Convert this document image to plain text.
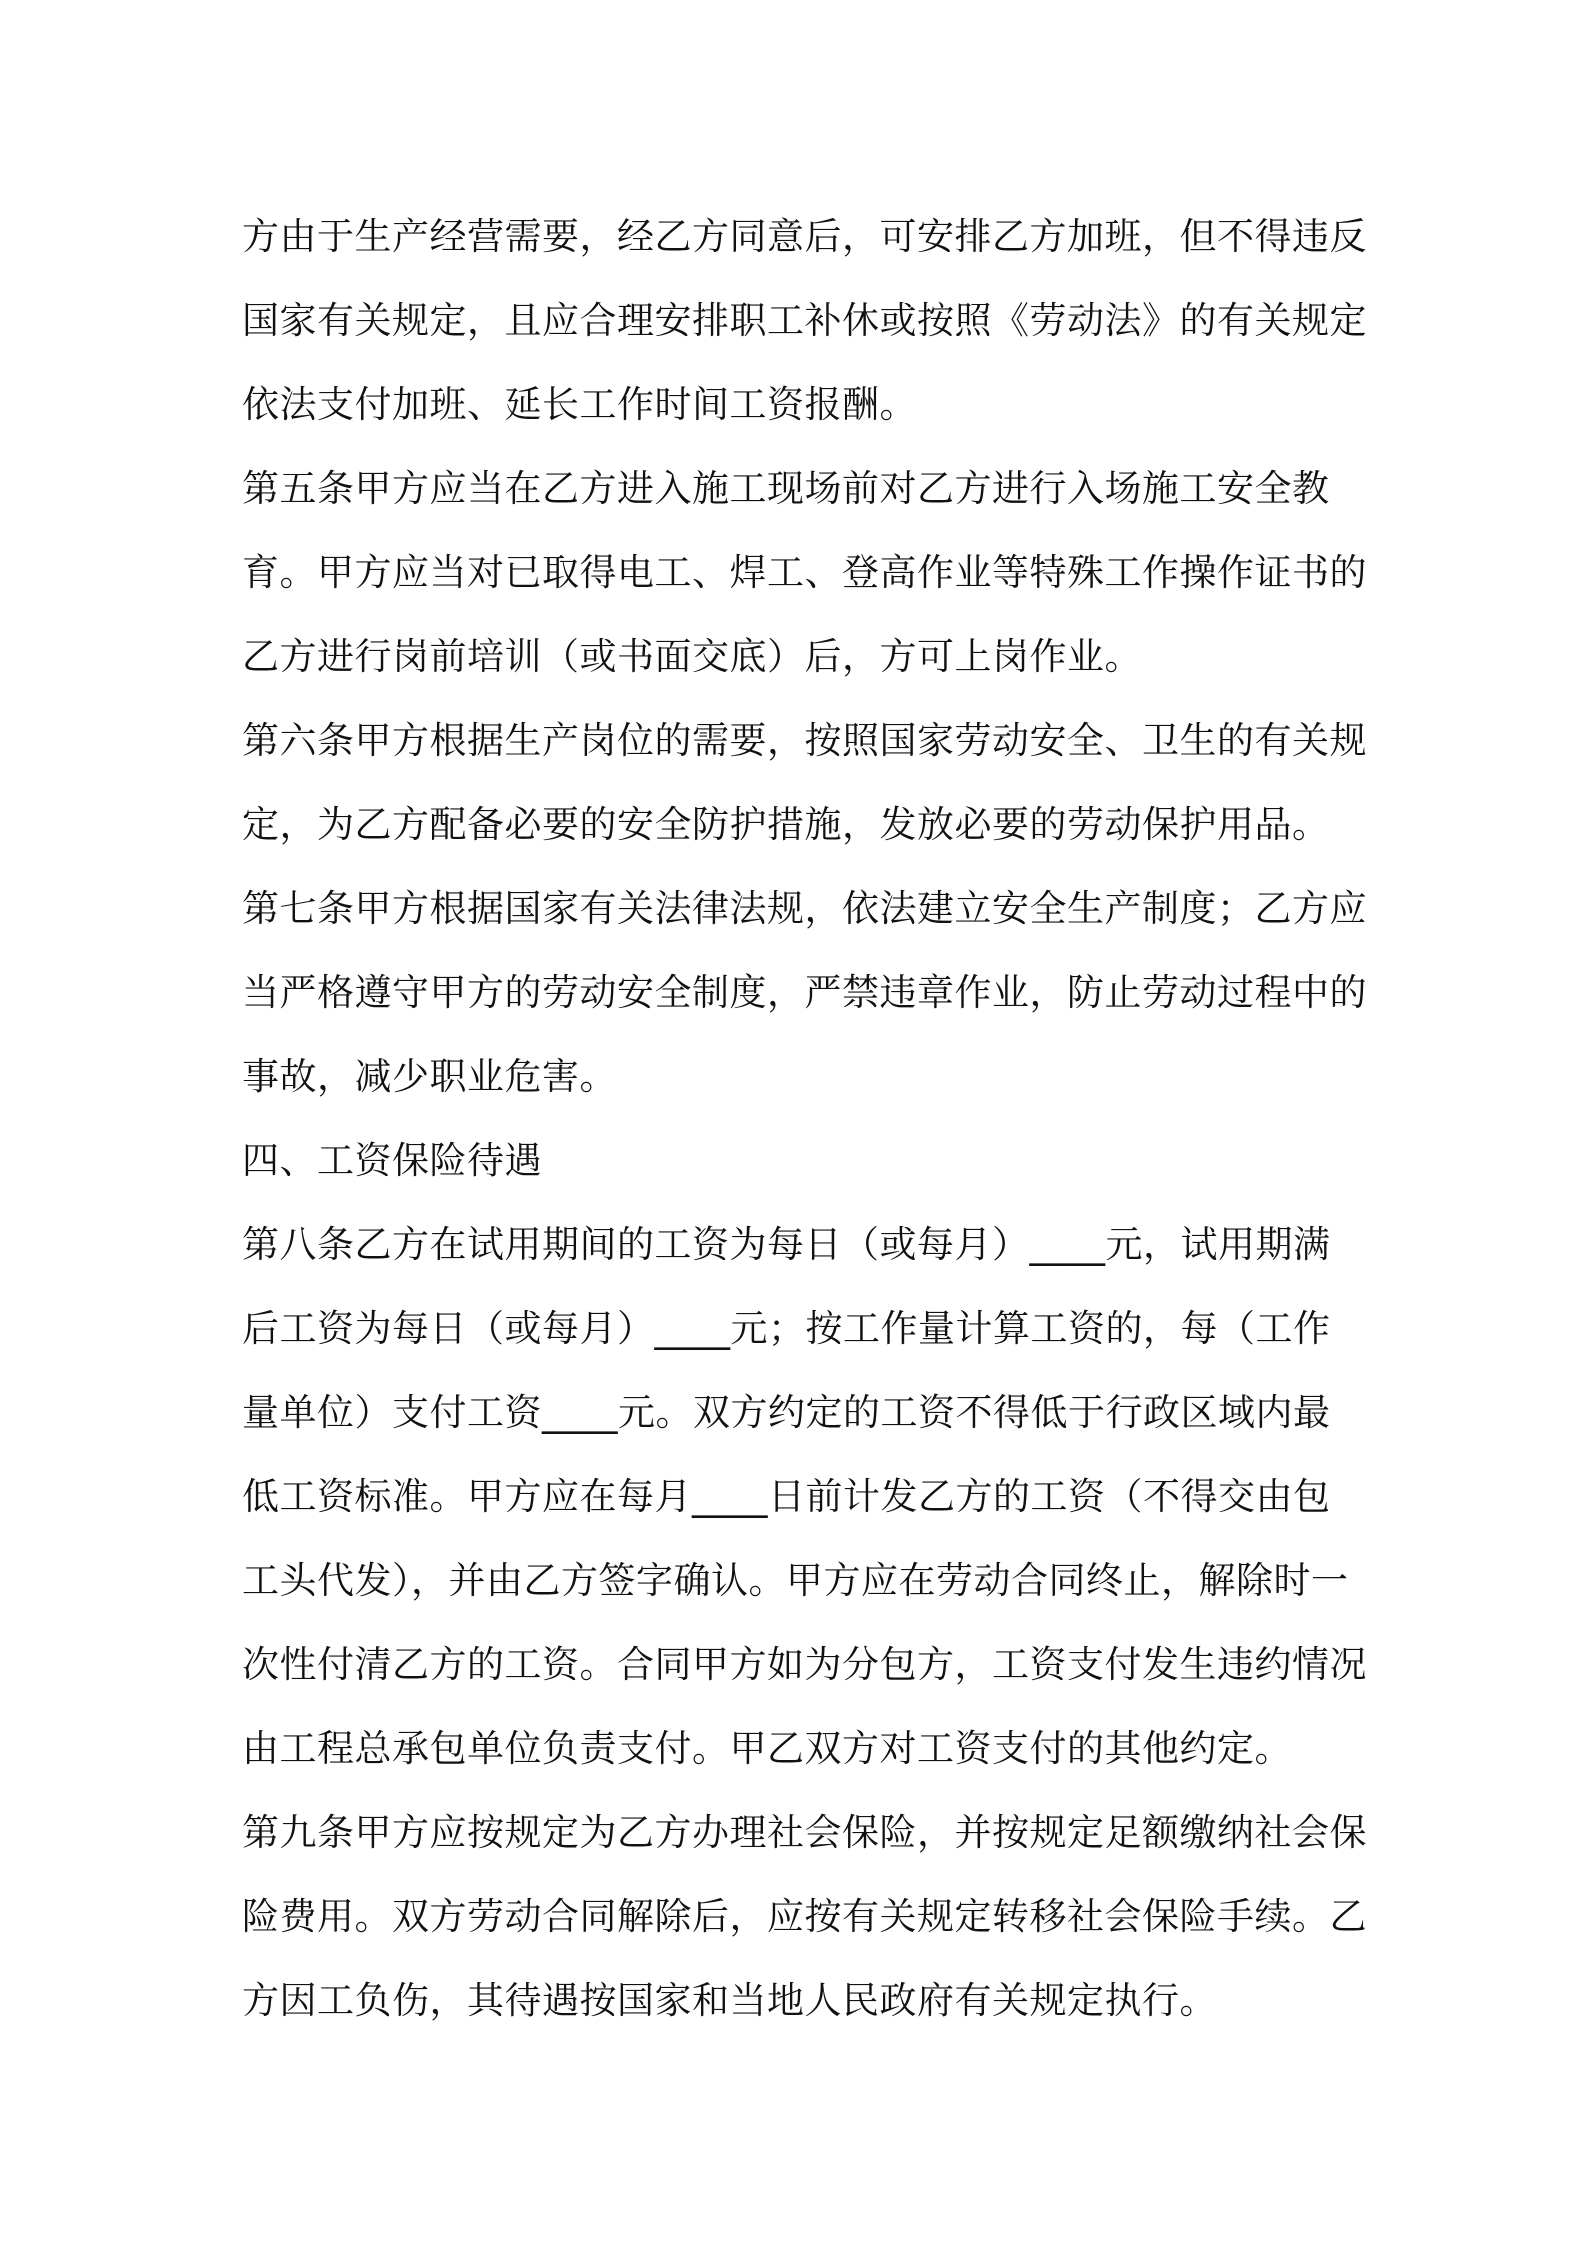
方由于生产经营需要，经乙方同意后，可安排乙方加班，但不得违反
国家有关规定，且应合理安排职工补休或按照《劳动法》的有关规定
依法支付加班、延长工作时间工资报酬。
第五条甲方应当在乙方进入施工现场前对乙方进行入场施工安全教
育。甲方应当对已取得电工、焊工、登高作业等特殊工作操作证书的
乙方进行岗前培训（或书面交底）后，方可上岗作业。
第六条甲方根据生产岗位的需要，按照国家劳动安全、卫生的有关规
定，为乙方配备必要的安全防护措施，发放必要的劳动保护用品。
第七条甲方根据国家有关法律法规，依法建立安全生产制度；乙方应
当严格遵守甲方的劳动安全制度，严禁违章作业，防止劳动过程中的
事故，减少职业危害。
四、工资保险待遇
第八条乙方在试用期间的工资为每日（或每月）____元，试用期满
后工资为每日（或每月）____元；按工作量计算工资的，每（工作
量单位）支付工资____元。双方约定的工资不得低于行政区域内最
低工资标准。甲方应在每月____日前计发乙方的工资（不得交由包
工头代发），并由乙方签字确认。甲方应在劳动合同终止，解除时一
次性付清乙方的工资。合同甲方如为分包方，工资支付发生违约情况
由工程总承包单位负责支付。甲乙双方对工资支付的其他约定。
第九条甲方应按规定为乙方办理社会保险，并按规定足额缴纳社会保
险费用。双方劳动合同解除后，应按有关规定转移社会保险手续。乙
方因工负伤，其待遇按国家和当地人民政府有关规定执行。
